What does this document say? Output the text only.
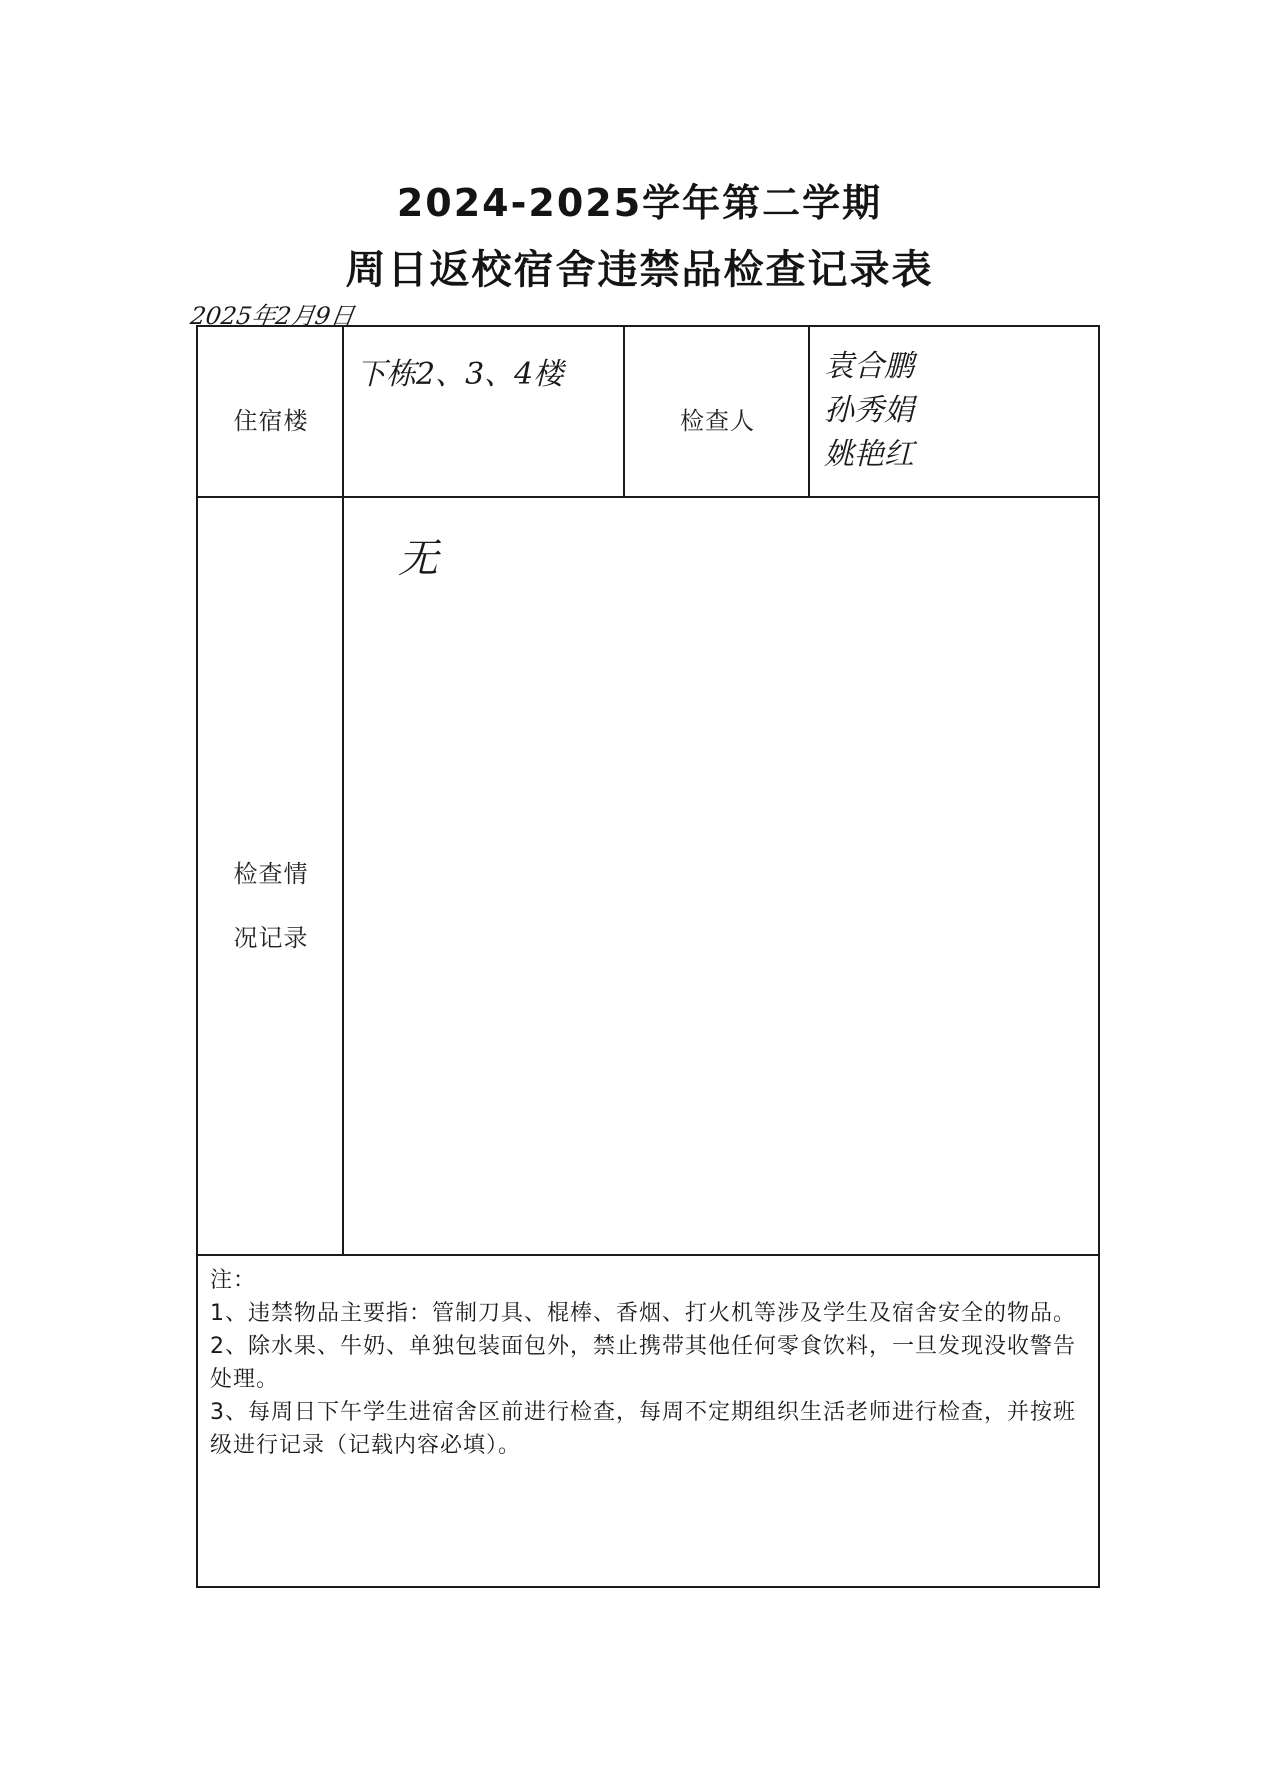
2024-2025学年第二学期
周日返校宿舍违禁品检查记录表
2025年2月9日
住宿楼
下栋2、3、4楼
检查人
袁合鹏
孙秀娟
姚艳红
检查情
况记录
无

注：

1、违禁物品主要指：管制刀具、棍棒、香烟、打火机等涉及学生及宿舍安全的物品。

2、除水果、牛奶、单独包装面包外，禁止携带其他任何零食饮料，一旦发现没收警告处理。

3、每周日下午学生进宿舍区前进行检查，每周不定期组织生活老师进行检查，并按班级进行记录（记载内容必填）。
